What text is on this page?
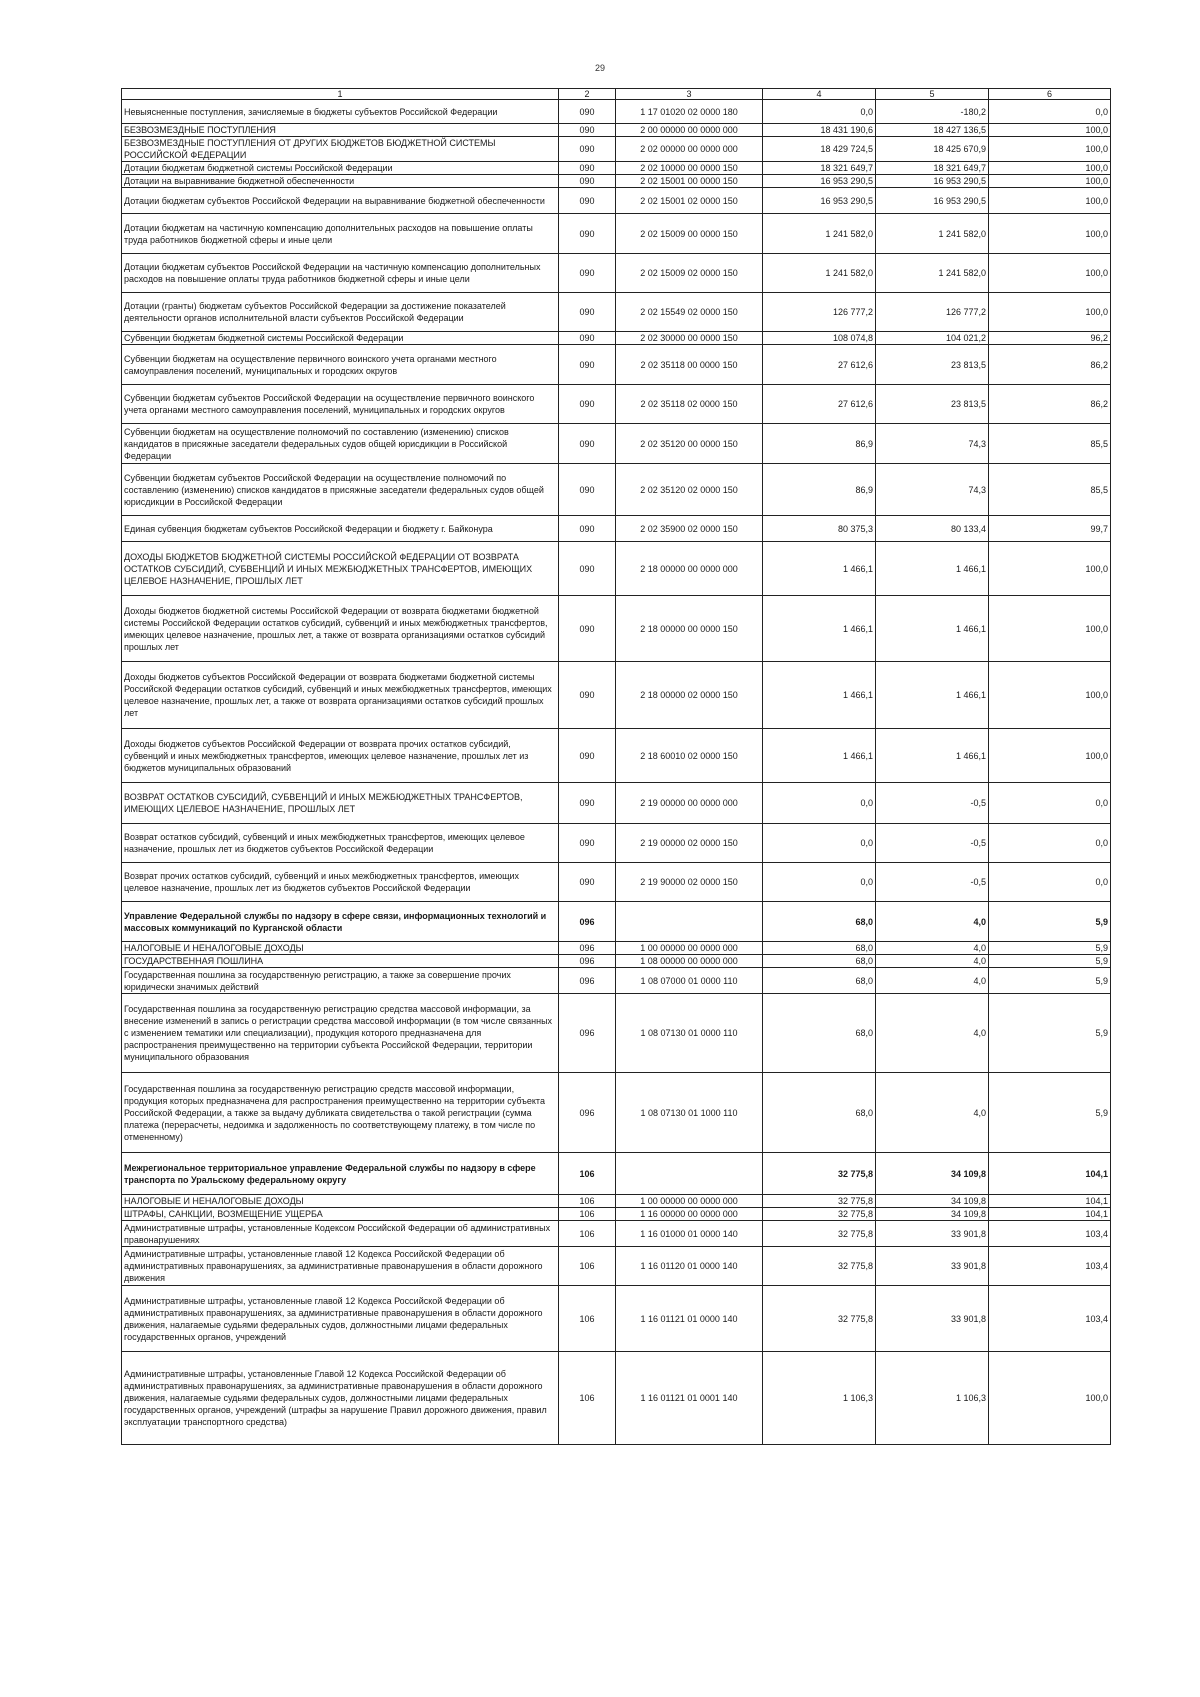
29
1	2	3	4	5	6
Невыясненные поступления, зачисляемые в бюджеты субъектов Российской Федерации	090	1 17 01020 02 0000 180	0,0	-180,2	0,0
БЕЗВОЗМЕЗДНЫЕ ПОСТУПЛЕНИЯ	090	2 00 00000 00 0000 000	18 431 190,6	18 427 136,5	100,0
БЕЗВОЗМЕЗДНЫЕ ПОСТУПЛЕНИЯ ОТ ДРУГИХ БЮДЖЕТОВ БЮДЖЕТНОЙ СИСТЕМЫ РОССИЙСКОЙ ФЕДЕРАЦИИ	090	2 02 00000 00 0000 000	18 429 724,5	18 425 670,9	100,0
Дотации бюджетам бюджетной системы Российской Федерации	090	2 02 10000 00 0000 150	18 321 649,7	18 321 649,7	100,0
Дотации на выравнивание бюджетной обеспеченности	090	2 02 15001 00 0000 150	16 953 290,5	16 953 290,5	100,0
Дотации бюджетам субъектов Российской Федерации на выравнивание бюджетной обеспеченности	090	2 02 15001 02 0000 150	16 953 290,5	16 953 290,5	100,0
Дотации бюджетам на частичную компенсацию дополнительных расходов на повышение оплаты труда работников бюджетной сферы и иные цели	090	2 02 15009 00 0000 150	1 241 582,0	1 241 582,0	100,0
Дотации бюджетам субъектов Российской Федерации на частичную компенсацию дополнительных расходов на повышение оплаты труда работников бюджетной сферы и иные цели	090	2 02 15009 02 0000 150	1 241 582,0	1 241 582,0	100,0
Дотации (гранты) бюджетам субъектов Российской Федерации за достижение показателей деятельности органов исполнительной власти субъектов Российской Федерации	090	2 02 15549 02 0000 150	126 777,2	126 777,2	100,0
Субвенции бюджетам бюджетной системы Российской Федерации	090	2 02 30000 00 0000 150	108 074,8	104 021,2	96,2
Субвенции бюджетам на осуществление первичного воинского учета органами местного самоуправления поселений, муниципальных и городских округов	090	2 02 35118 00 0000 150	27 612,6	23 813,5	86,2
Субвенции бюджетам субъектов Российской Федерации на осуществление первичного воинского учета органами местного самоуправления поселений, муниципальных и городских округов	090	2 02 35118 02 0000 150	27 612,6	23 813,5	86,2
Субвенции бюджетам на осуществление полномочий по составлению (изменению) списков кандидатов в присяжные заседатели федеральных судов общей юрисдикции в Российской Федерации	090	2 02 35120 00 0000 150	86,9	74,3	85,5
Субвенции бюджетам субъектов Российской Федерации на осуществление полномочий по составлению (изменению) списков кандидатов в присяжные заседатели федеральных судов общей юрисдикции в Российской Федерации	090	2 02 35120 02 0000 150	86,9	74,3	85,5
Единая субвенция бюджетам субъектов Российской Федерации и бюджету г. Байконура	090	2 02 35900 02 0000 150	80 375,3	80 133,4	99,7
ДОХОДЫ БЮДЖЕТОВ БЮДЖЕТНОЙ СИСТЕМЫ РОССИЙСКОЙ ФЕДЕРАЦИИ ОТ ВОЗВРАТА ОСТАТКОВ СУБСИДИЙ, СУБВЕНЦИЙ И ИНЫХ МЕЖБЮДЖЕТНЫХ ТРАНСФЕРТОВ, ИМЕЮЩИХ ЦЕЛЕВОЕ НАЗНАЧЕНИЕ, ПРОШЛЫХ ЛЕТ	090	2 18 00000 00 0000 000	1 466,1	1 466,1	100,0
Доходы бюджетов бюджетной системы Российской Федерации от возврата бюджетами бюджетной системы Российской Федерации остатков субсидий, субвенций и иных межбюджетных трансфертов, имеющих целевое назначение, прошлых лет, а также от возврата организациями остатков субсидий прошлых лет	090	2 18 00000 00 0000 150	1 466,1	1 466,1	100,0
Доходы бюджетов субъектов Российской Федерации от возврата бюджетами бюджетной системы Российской Федерации остатков субсидий, субвенций и иных межбюджетных трансфертов, имеющих целевое назначение, прошлых лет, а также от возврата организациями остатков субсидий прошлых лет	090	2 18 00000 02 0000 150	1 466,1	1 466,1	100,0
Доходы бюджетов субъектов Российской Федерации от возврата прочих остатков субсидий, субвенций и иных межбюджетных трансфертов, имеющих целевое назначение, прошлых лет из бюджетов муниципальных образований	090	2 18 60010 02 0000 150	1 466,1	1 466,1	100,0
ВОЗВРАТ ОСТАТКОВ СУБСИДИЙ, СУБВЕНЦИЙ И ИНЫХ МЕЖБЮДЖЕТНЫХ ТРАНСФЕРТОВ, ИМЕЮЩИХ ЦЕЛЕВОЕ НАЗНАЧЕНИЕ, ПРОШЛЫХ ЛЕТ	090	2 19 00000 00 0000 000	0,0	-0,5	0,0
Возврат остатков субсидий, субвенций и иных межбюджетных трансфертов, имеющих целевое назначение, прошлых лет из бюджетов субъектов Российской Федерации	090	2 19 00000 02 0000 150	0,0	-0,5	0,0
Возврат прочих остатков субсидий, субвенций и иных межбюджетных трансфертов, имеющих целевое назначение, прошлых лет из бюджетов субъектов Российской Федерации	090	2 19 90000 02 0000 150	0,0	-0,5	0,0
Управление Федеральной службы по надзору в сфере связи, информационных технологий и массовых коммуникаций по Курганской области	096		68,0	4,0	5,9
НАЛОГОВЫЕ И НЕНАЛОГОВЫЕ ДОХОДЫ	096	1 00 00000 00 0000 000	68,0	4,0	5,9
ГОСУДАРСТВЕННАЯ ПОШЛИНА	096	1 08 00000 00 0000 000	68,0	4,0	5,9
Государственная пошлина за государственную регистрацию, а также за совершение прочих юридически значимых действий	096	1 08 07000 01 0000 110	68,0	4,0	5,9
Государственная пошлина за государственную регистрацию средства массовой информации, за внесение изменений в запись о регистрации средства массовой информации (в том числе связанных с изменением тематики или специализации), продукция которого предназначена для распространения преимущественно на территории субъекта Российской Федерации, территории муниципального образования	096	1 08 07130 01 0000 110	68,0	4,0	5,9
Государственная пошлина за государственную регистрацию средств массовой информации, продукция которых предназначена для распространения преимущественно на территории субъекта Российской Федерации, а также за выдачу дубликата свидетельства о такой регистрации (сумма платежа (перерасчеты, недоимка и задолженность по соответствующему платежу, в том числе по отмененному)	096	1 08 07130 01 1000 110	68,0	4,0	5,9
Межрегиональное территориальное управление Федеральной службы по надзору в сфере транспорта по Уральскому федеральному округу	106		32 775,8	34 109,8	104,1
НАЛОГОВЫЕ И НЕНАЛОГОВЫЕ ДОХОДЫ	106	1 00 00000 00 0000 000	32 775,8	34 109,8	104,1
ШТРАФЫ, САНКЦИИ, ВОЗМЕЩЕНИЕ УЩЕРБА	106	1 16 00000 00 0000 000	32 775,8	34 109,8	104,1
Административные штрафы, установленные Кодексом Российской Федерации об административных правонарушениях	106	1 16 01000 01 0000 140	32 775,8	33 901,8	103,4
Административные штрафы, установленные главой 12 Кодекса Российской Федерации об административных правонарушениях, за административные правонарушения в области дорожного движения	106	1 16 01120 01 0000 140	32 775,8	33 901,8	103,4
Административные штрафы, установленные главой 12 Кодекса Российской Федерации об административных правонарушениях, за административные правонарушения в области дорожного движения, налагаемые судьями федеральных судов, должностными лицами федеральных государственных органов, учреждений	106	1 16 01121 01 0000 140	32 775,8	33 901,8	103,4
Административные штрафы, установленные Главой 12 Кодекса Российской Федерации об административных правонарушениях, за административные правонарушения в области дорожного движения, налагаемые судьями федеральных судов, должностными лицами федеральных государственных органов, учреждений (штрафы за нарушение Правил дорожного движения, правил эксплуатации транспортного средства)	106	1 16 01121 01 0001 140	1 106,3	1 106,3	100,0
